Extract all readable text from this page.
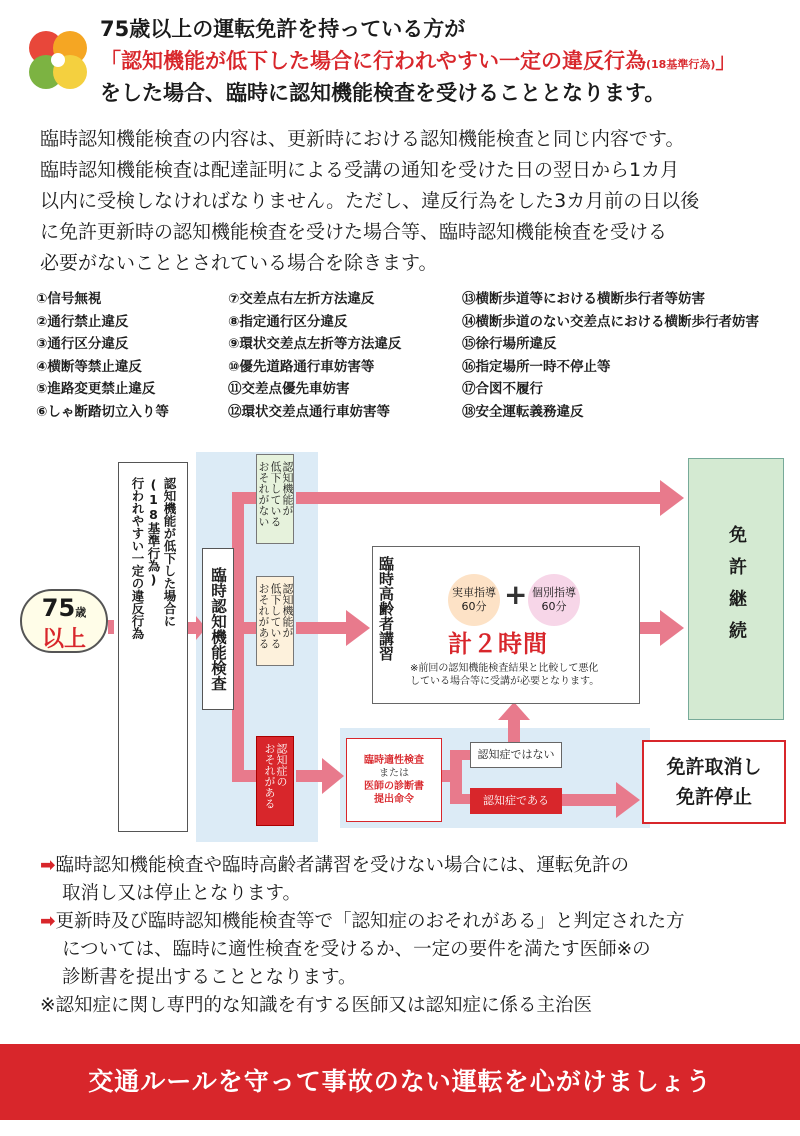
75歳以上の運転免許を持っている方が
「認知機能が低下した場合に行われやすい一定の違反行為(18基準行為)」
をした場合、臨時に認知機能検査を受けることとなります。
臨時認知機能検査の内容は、更新時における認知機能検査と同じ内容です。
臨時認知機能検査は配達証明による受講の通知を受けた日の翌日から1カ月
以内に受検しなければなりません。ただし、違反行為をした3カ月前の日以後
に免許更新時の認知機能検査を受けた場合等、臨時認知機能検査を受ける
必要がないこととされている場合を除きます。
①信号無視
②通行禁止違反
③通行区分違反
④横断等禁止違反
⑤進路変更禁止違反
⑥しゃ断踏切立入り等
⑦交差点右左折方法違反
⑧指定通行区分違反
⑨環状交差点左折等方法違反
⑩優先道路通行車妨害等
⑪交差点優先車妨害
⑫環状交差点通行車妨害等
⑬横断歩道等における横断歩行者等妨害
⑭横断歩道のない交差点における横断歩行者妨害
⑮徐行場所違反
⑯指定場所一時不停止等
⑰合図不履行
⑱安全運転義務違反
認知機能が低下した場合に
(18基準行為)
行われやすい一定の違反行為
75歳
以上	臨時認知機能検査
認知機能が
低下している
おそれがない
認知機能が
低下している
おそれがある
認知症の
おそれがある
臨時高齢者講習	実車指導
60分 + 個別指導
60分
計２時間
※前回の認知機能検査結果と比較して悪化
している場合等に受講が必要となります。
免許継続
臨時適性検査
または
医師の診断書
提出命令
認知症ではない
認知症である
免許取消し
免許停止
➡臨時認知機能検査や臨時高齢者講習を受けない場合には、運転免許の
取消し又は停止となります。
➡更新時及び臨時認知機能検査等で「認知症のおそれがある」と判定された方
については、臨時に適性検査を受けるか、一定の要件を満たす医師※の
診断書を提出することとなります。
※認知症に関し専門的な知識を有する医師又は認知症に係る主治医
交通ルールを守って事故のない運転を心がけましょう
